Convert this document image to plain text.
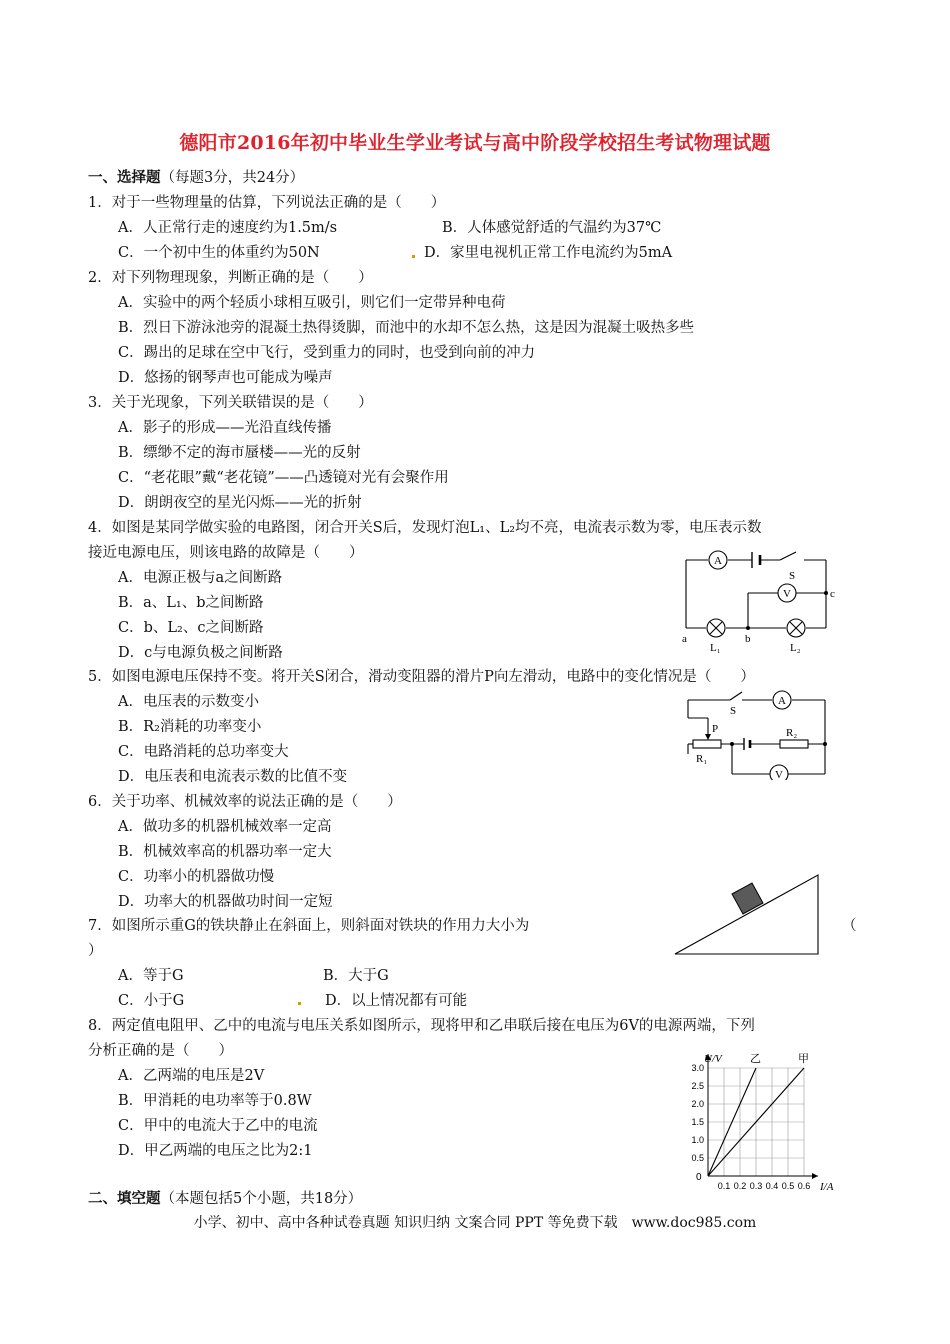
德阳市2016年初中毕业生学业考试与高中阶段学校招生考试物理试题
一、选择题（每题3分，共24分）
1．对于一些物理量的估算，下列说法正确的是（　　）
A．人正常行走的速度约为1.5m/s	B．人体感觉舒适的气温约为37℃
C．一个初中生的体重约为50N	D．家里电视机正常工作电流约为5mA
2．对下列物理现象，判断正确的是（　　）
A．实验中的两个轻质小球相互吸引，则它们一定带异种电荷
B．烈日下游泳池旁的混凝土热得烫脚，而池中的水却不怎么热，这是因为混凝土吸热多些
C．踢出的足球在空中飞行，受到重力的同时，也受到向前的冲力
D．悠扬的钢琴声也可能成为噪声
3．关于光现象，下列关联错误的是（　　）
A．影子的形成——光沿直线传播
B．缥缈不定的海市蜃楼——光的反射
C．“老花眼”戴“老花镜”——凸透镜对光有会聚作用
D．朗朗夜空的星光闪烁——光的折射
4．如图是某同学做实验的电路图，闭合开关S后，发现灯泡L₁、L₂均不亮，电流表示数为零，电压表示数
接近电源电压，则该电路的故障是（　　）
A．电源正极与a之间断路
B．a、L₁、b之间断路
C．b、L₂、c之间断路
D．c与电源负极之间断路
A
V
S
c
a	b
L₁	L₂
5．如图电源电压保持不变。将开关S闭合，滑动变阻器的滑片P向左滑动，电路中的变化情况是（　　）
A．电压表的示数变小
B．R₂消耗的功率变小
C．电路消耗的总功率变大
D．电压表和电流表示数的比值不变
A
V
S
P
R₁
R₂
6．关于功率、机械效率的说法正确的是（　　）
A．做功多的机器机械效率一定高
B．机械效率高的机器功率一定大
C．功率小的机器做功慢
D．功率大的机器做功时间一定短
7．如图所示重G的铁块静止在斜面上，则斜面对铁块的作用力大小为	（
）
A．等于G	B．大于G
C．小于G	D．以上情况都有可能
8．两定值电阻甲、乙中的电流与电压关系如图所示，现将甲和乙串联后接在电压为6V的电源两端，下列
分析正确的是（　　）
A．乙两端的电压是2V
B．甲消耗的电功率等于0.8W
C．甲中的电流大于乙中的电流
D．甲乙两端的电压之比为2:1
0.1 0.2 0.3 0.4 0.5 0.6
0.5
1.0
1.5
2.0
2.5
3.0
0
I/A
U/V	乙	甲
二、填空题（本题包括5个小题，共18分）
小学、初中、高中各种试卷真题 知识归纳 文案合同 PPT 等免费下载　www.doc985.com
